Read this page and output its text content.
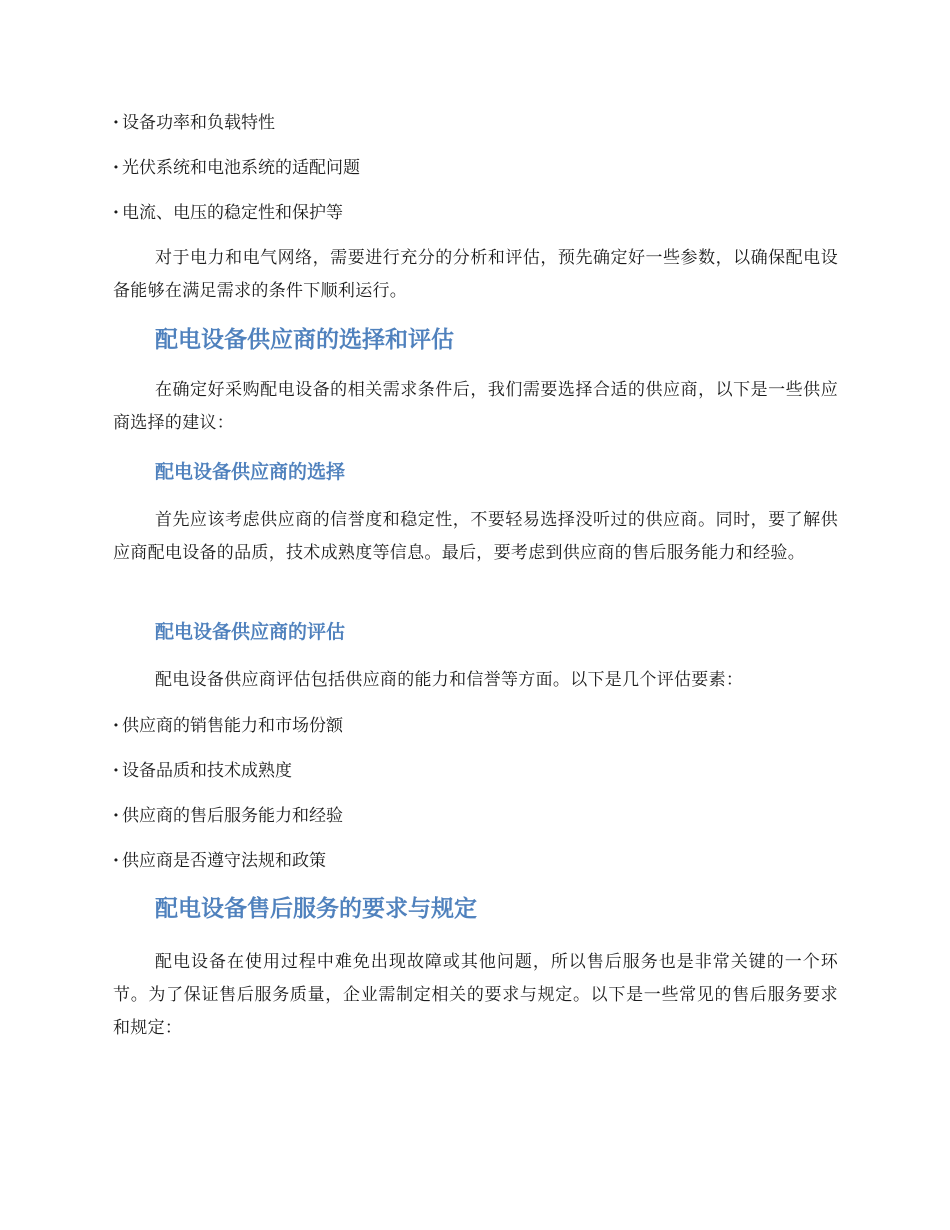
·设备功率和负载特性
·光伏系统和电池系统的适配问题
·电流、电压的稳定性和保护等

对于电力和电气网络，需要进行充分的分析和评估，预先确定好一些参数，以确保配电设备能够在满足需求的条件下顺利运行。

配电设备供应商的选择和评估

在确定好采购配电设备的相关需求条件后，我们需要选择合适的供应商，以下是一些供应商选择的建议：

配电设备供应商的选择

首先应该考虑供应商的信誉度和稳定性，不要轻易选择没听过的供应商。同时，要了解供应商配电设备的品质，技术成熟度等信息。最后，要考虑到供应商的售后服务能力和经验。

配电设备供应商的评估

配电设备供应商评估包括供应商的能力和信誉等方面。以下是几个评估要素：

·供应商的销售能力和市场份额
·设备品质和技术成熟度
·供应商的售后服务能力和经验
·供应商是否遵守法规和政策
配电设备售后服务的要求与规定

配电设备在使用过程中难免出现故障或其他问题，所以售后服务也是非常关键的一个环节。为了保证售后服务质量，企业需制定相关的要求与规定。以下是一些常见的售后服务要求和规定：
